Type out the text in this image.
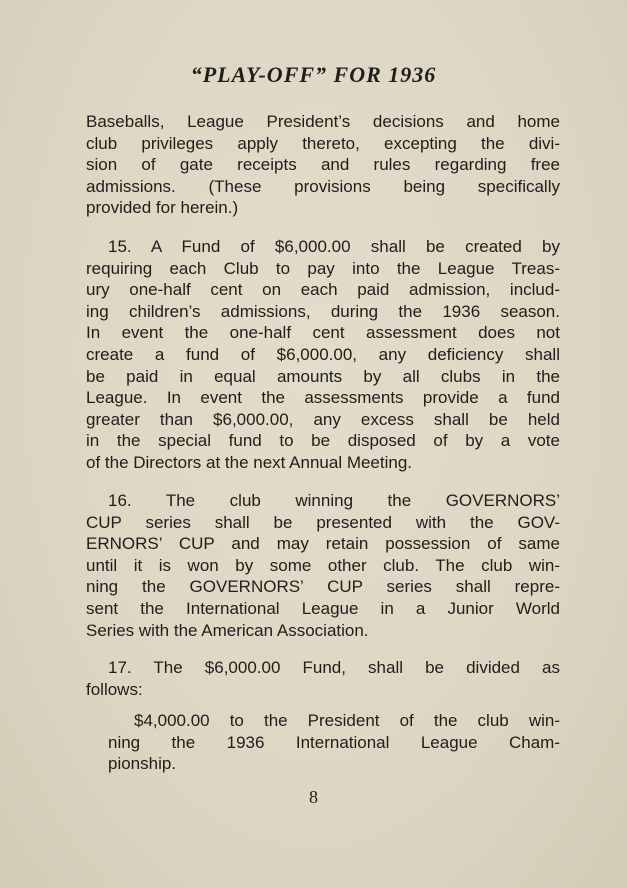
“PLAY-OFF” FOR 1936
Baseballs, League President’s decisions and home
club privileges apply thereto, excepting the divi-
sion of gate receipts and rules regarding free
admissions. (These provisions being specifically
provided for herein.)
15. A Fund of $6,000.00 shall be created by
requiring each Club to pay into the League Treas-
ury one-half cent on each paid admission, includ-
ing children’s admissions, during the 1936 season.
In event the one-half cent assessment does not
create a fund of $6,000.00, any deficiency shall
be paid in equal amounts by all clubs in the
League. In event the assessments provide a fund
greater than $6,000.00, any excess shall be held
in the special fund to be disposed of by a vote
of the Directors at the next Annual Meeting.
16. The club winning the GOVERNORS’
CUP series shall be presented with the GOV-
ERNORS’ CUP and may retain possession of same
until it is won by some other club. The club win-
ning the GOVERNORS’ CUP series shall repre-
sent the International League in a Junior World
Series with the American Association.
17. The $6,000.00 Fund, shall be divided as
follows:
$4,000.00 to the President of the club win-
ning the 1936 International League Cham-
pionship.
8
